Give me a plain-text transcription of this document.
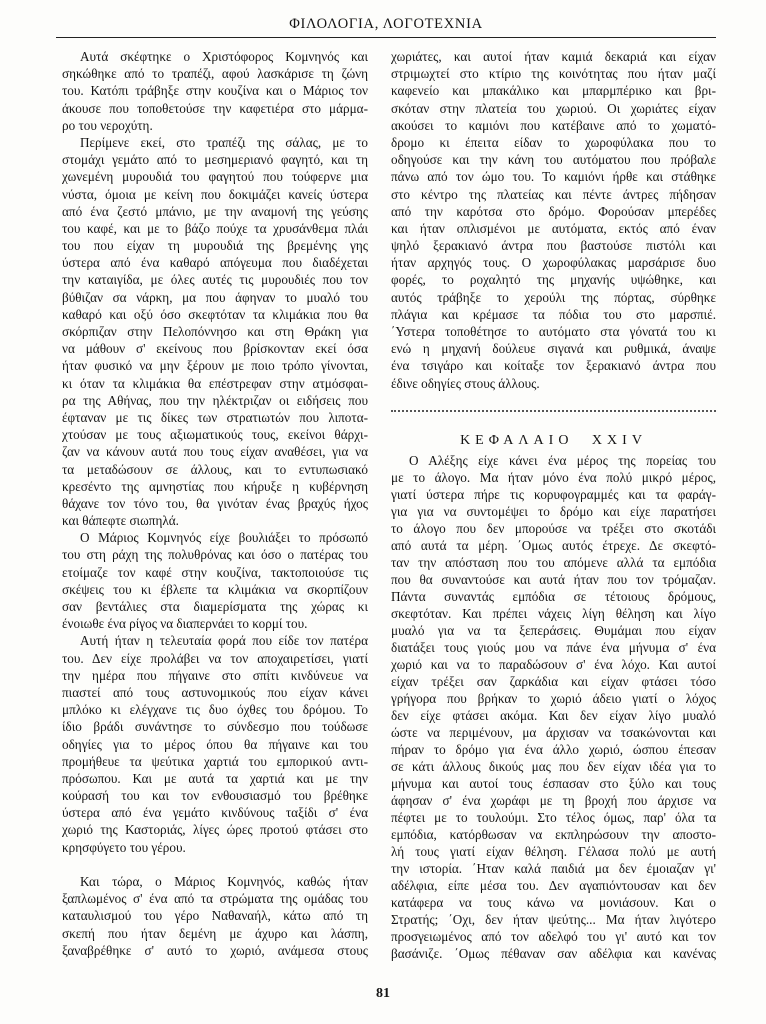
ΦΙΛΟΛΟΓΙΑ, ΛΟΓΟΤΕΧΝΙΑ
Αυτά σκέφτηκε ο Χριστόφορος Κομνηνός και
σηκώθηκε από το τραπέζι, αφού λασκάρισε τη ζώνη
του. Κατόπι τράβηξε στην κουζίνα και ο Μάριος τον
άκουσε που τοποθετούσε την καφετιέρα στο μάρμα-
ρο του νεροχύτη.
Περίμενε εκεί, στο τραπέζι της σάλας, με το
στομάχι γεμάτο από το μεσημεριανό φαγητό, και τη
χωνεμένη μυρουδιά του φαγητού που τούφερνε μια
νύστα, όμοια με κείνη που δοκιμάζει κανείς ύστερα
από ένα ζεστό μπάνιο, με την αναμονή της γεύσης
του καφέ, και με το βάζο πούχε τα χρυσάνθεμα πλάι
του που είχαν τη μυρουδιά της βρεμένης γης
ύστερα από ένα καθαρό απόγευμα που διαδέχεται
την καταιγίδα, με όλες αυτές τις μυρουδιές που τον
βύθιζαν σα νάρκη, μα που άφηναν το μυαλό του
καθαρό και οξύ όσο σκεφτόταν τα κλιμάκια που θα
σκόρπιζαν στην Πελοπόννησο και στη Θράκη για
να μάθουν σ' εκείνους που βρίσκονταν εκεί όσα
ήταν φυσικό να μην ξέρουν με ποιο τρόπο γίνονται,
κι όταν τα κλιμάκια θα επέστρεφαν στην ατμόσφαι-
ρα της Αθήνας, που την ηλέκτριζαν οι ειδήσεις που
έφταναν με τις δίκες των στρατιωτών που λιποτα-
χτούσαν με τους αξιωματικούς τους, εκείνοι θάρχι-
ζαν να κάνουν αυτά που τους είχαν αναθέσει, για να
τα μεταδώσουν σε άλλους, και το εντυπωσιακό
κρεσέντο της αμνηστίας που κήρυξε η κυβέρνηση
θάχανε τον τόνο του, θα γινόταν ένας βραχύς ήχος
και θάπεφτε σιωπηλά.
Ο Μάριος Κομνηνός είχε βουλιάξει το πρόσωπό
του στη ράχη της πολυθρόνας και όσο ο πατέρας του
ετοίμαζε τον καφέ στην κουζίνα, τακτοποιούσε τις
σκέψεις του κι έβλεπε τα κλιμάκια να σκορπίζουν
σαν βεντάλιες στα διαμερίσματα της χώρας κι
ένοιωθε ένα ρίγος να διαπερνάει το κορμί του.
Αυτή ήταν η τελευταία φορά που είδε τον πατέρα
του. Δεν είχε προλάβει να τον αποχαιρετίσει, γιατί
την ημέρα που πήγαινε στο σπίτι κινδύνευε να
πιαστεί από τους αστυνομικούς που είχαν κάνει
μπλόκο κι ελέγχανε τις δυο όχθες του δρόμου. Το
ίδιο βράδι συνάντησε το σύνδεσμο που τούδωσε
οδηγίες για το μέρος όπου θα πήγαινε και του
προμήθευε τα ψεύτικα χαρτιά του εμπορικού αντι-
πρόσωπου. Και με αυτά τα χαρτιά και με την
κούρασή του και τον ενθουσιασμό του βρέθηκε
ύστερα από ένα γεμάτο κινδύνους ταξίδι σ' ένα
χωριό της Καστοριάς, λίγες ώρες προτού φτάσει στο
κρησφύγετο του γέρου.
Και τώρα, ο Μάριος Κομνηνός, καθώς ήταν
ξαπλωμένος σ' ένα από τα στρώματα της ομάδας του
καταυλισμού του γέρο Ναθαναήλ, κάτω από τη
σκεπή που ήταν δεμένη με άχυρο και λάσπη,
ξαναβρέθηκε σ' αυτό το χωριό, ανάμεσα στους
χωριάτες, και αυτοί ήταν καμιά δεκαριά και είχαν
στριμωχτεί στο κτίριο της κοινότητας που ήταν μαζί
καφενείο και μπακάλικο και μπαρμπέρικο και βρι-
σκόταν στην πλατεία του χωριού. Οι χωριάτες είχαν
ακούσει το καμιόνι που κατέβαινε από το χωματό-
δρομο κι έπειτα είδαν το χωροφύλακα που το
οδηγούσε και την κάνη του αυτόματου που πρόβαλε
πάνω από τον ώμο του. Το καμιόνι ήρθε και στάθηκε
στο κέντρο της πλατείας και πέντε άντρες πήδησαν
από την καρότσα στο δρόμο. Φορούσαν μπερέδες
και ήταν οπλισμένοι με αυτόματα, εκτός από έναν
ψηλό ξερακιανό άντρα που βαστούσε πιστόλι και
ήταν αρχηγός τους. Ο χωροφύλακας μαρσάρισε δυο
φορές, το ροχαλητό της μηχανής υψώθηκε, και
αυτός τράβηξε το χερούλι της πόρτας, σύρθηκε
πλάγια και κρέμασε τα πόδια του στο μαρσπιέ.
΄Υστερα τοποθέτησε το αυτόματο στα γόνατά του κι
ενώ η μηχανή δούλευε σιγανά και ρυθμικά, άναψε
ένα τσιγάρο και κοίταξε τον ξερακιανό άντρα που
έδινε οδηγίες στους άλλους.
ΚΕΦΑΛΑΙΟ XXIV
Ο Αλέξης είχε κάνει ένα μέρος της πορείας του
με το άλογο. Μα ήταν μόνο ένα πολύ μικρό μέρος,
γιατί ύστερα πήρε τις κορυφογραμμές και τα φαράγ-
για για να συντομέψει το δρόμο και είχε παρατήσει
το άλογο που δεν μπορούσε να τρέξει στο σκοτάδι
από αυτά τα μέρη. ΄Ομως αυτός έτρεχε. Δε σκεφτό-
ταν την απόσταση που του απόμενε αλλά τα εμπόδια
που θα συναντούσε και αυτά ήταν που τον τρόμαζαν.
Πάντα συναντάς εμπόδια σε τέτοιους δρόμους,
σκεφτόταν. Και πρέπει νάχεις λίγη θέληση και λίγο
μυαλό για να τα ξεπεράσεις. Θυμάμαι που είχαν
διατάξει τους γιούς μου να πάνε ένα μήνυμα σ' ένα
χωριό και να το παραδώσουν σ' ένα λόχο. Και αυτοί
είχαν τρέξει σαν ζαρκάδια και είχαν φτάσει τόσο
γρήγορα που βρήκαν το χωριό άδειο γιατί ο λόχος
δεν είχε φτάσει ακόμα. Και δεν είχαν λίγο μυαλό
ώστε να περιμένουν, μα άρχισαν να τσακώνονται και
πήραν το δρόμο για ένα άλλο χωριό, ώσπου έπεσαν
σε κάτι άλλους δικούς μας που δεν είχαν ιδέα για το
μήνυμα και αυτοί τους έσπασαν στο ξύλο και τους
άφησαν σ' ένα χωράφι με τη βροχή που άρχισε να
πέφτει με το τουλούμι. Στο τέλος όμως, παρ' όλα τα
εμπόδια, κατόρθωσαν να εκπληρώσουν την αποστο-
λή τους γιατί είχαν θέληση. Γέλασα πολύ με αυτή
την ιστορία. ΄Ηταν καλά παιδιά μα δεν έμοιαζαν γι'
αδέλφια, είπε μέσα του. Δεν αγαπιόντουσαν και δεν
κατάφερα να τους κάνω να μονιάσουν. Και ο
Στρατής; ΄Οχι, δεν ήταν ψεύτης... Μα ήταν λιγότερο
προσγειωμένος από τον αδελφό του γι' αυτό και τον
βασάνιζε. ΄Ομως πέθαναν σαν αδέλφια και κανένας
81
